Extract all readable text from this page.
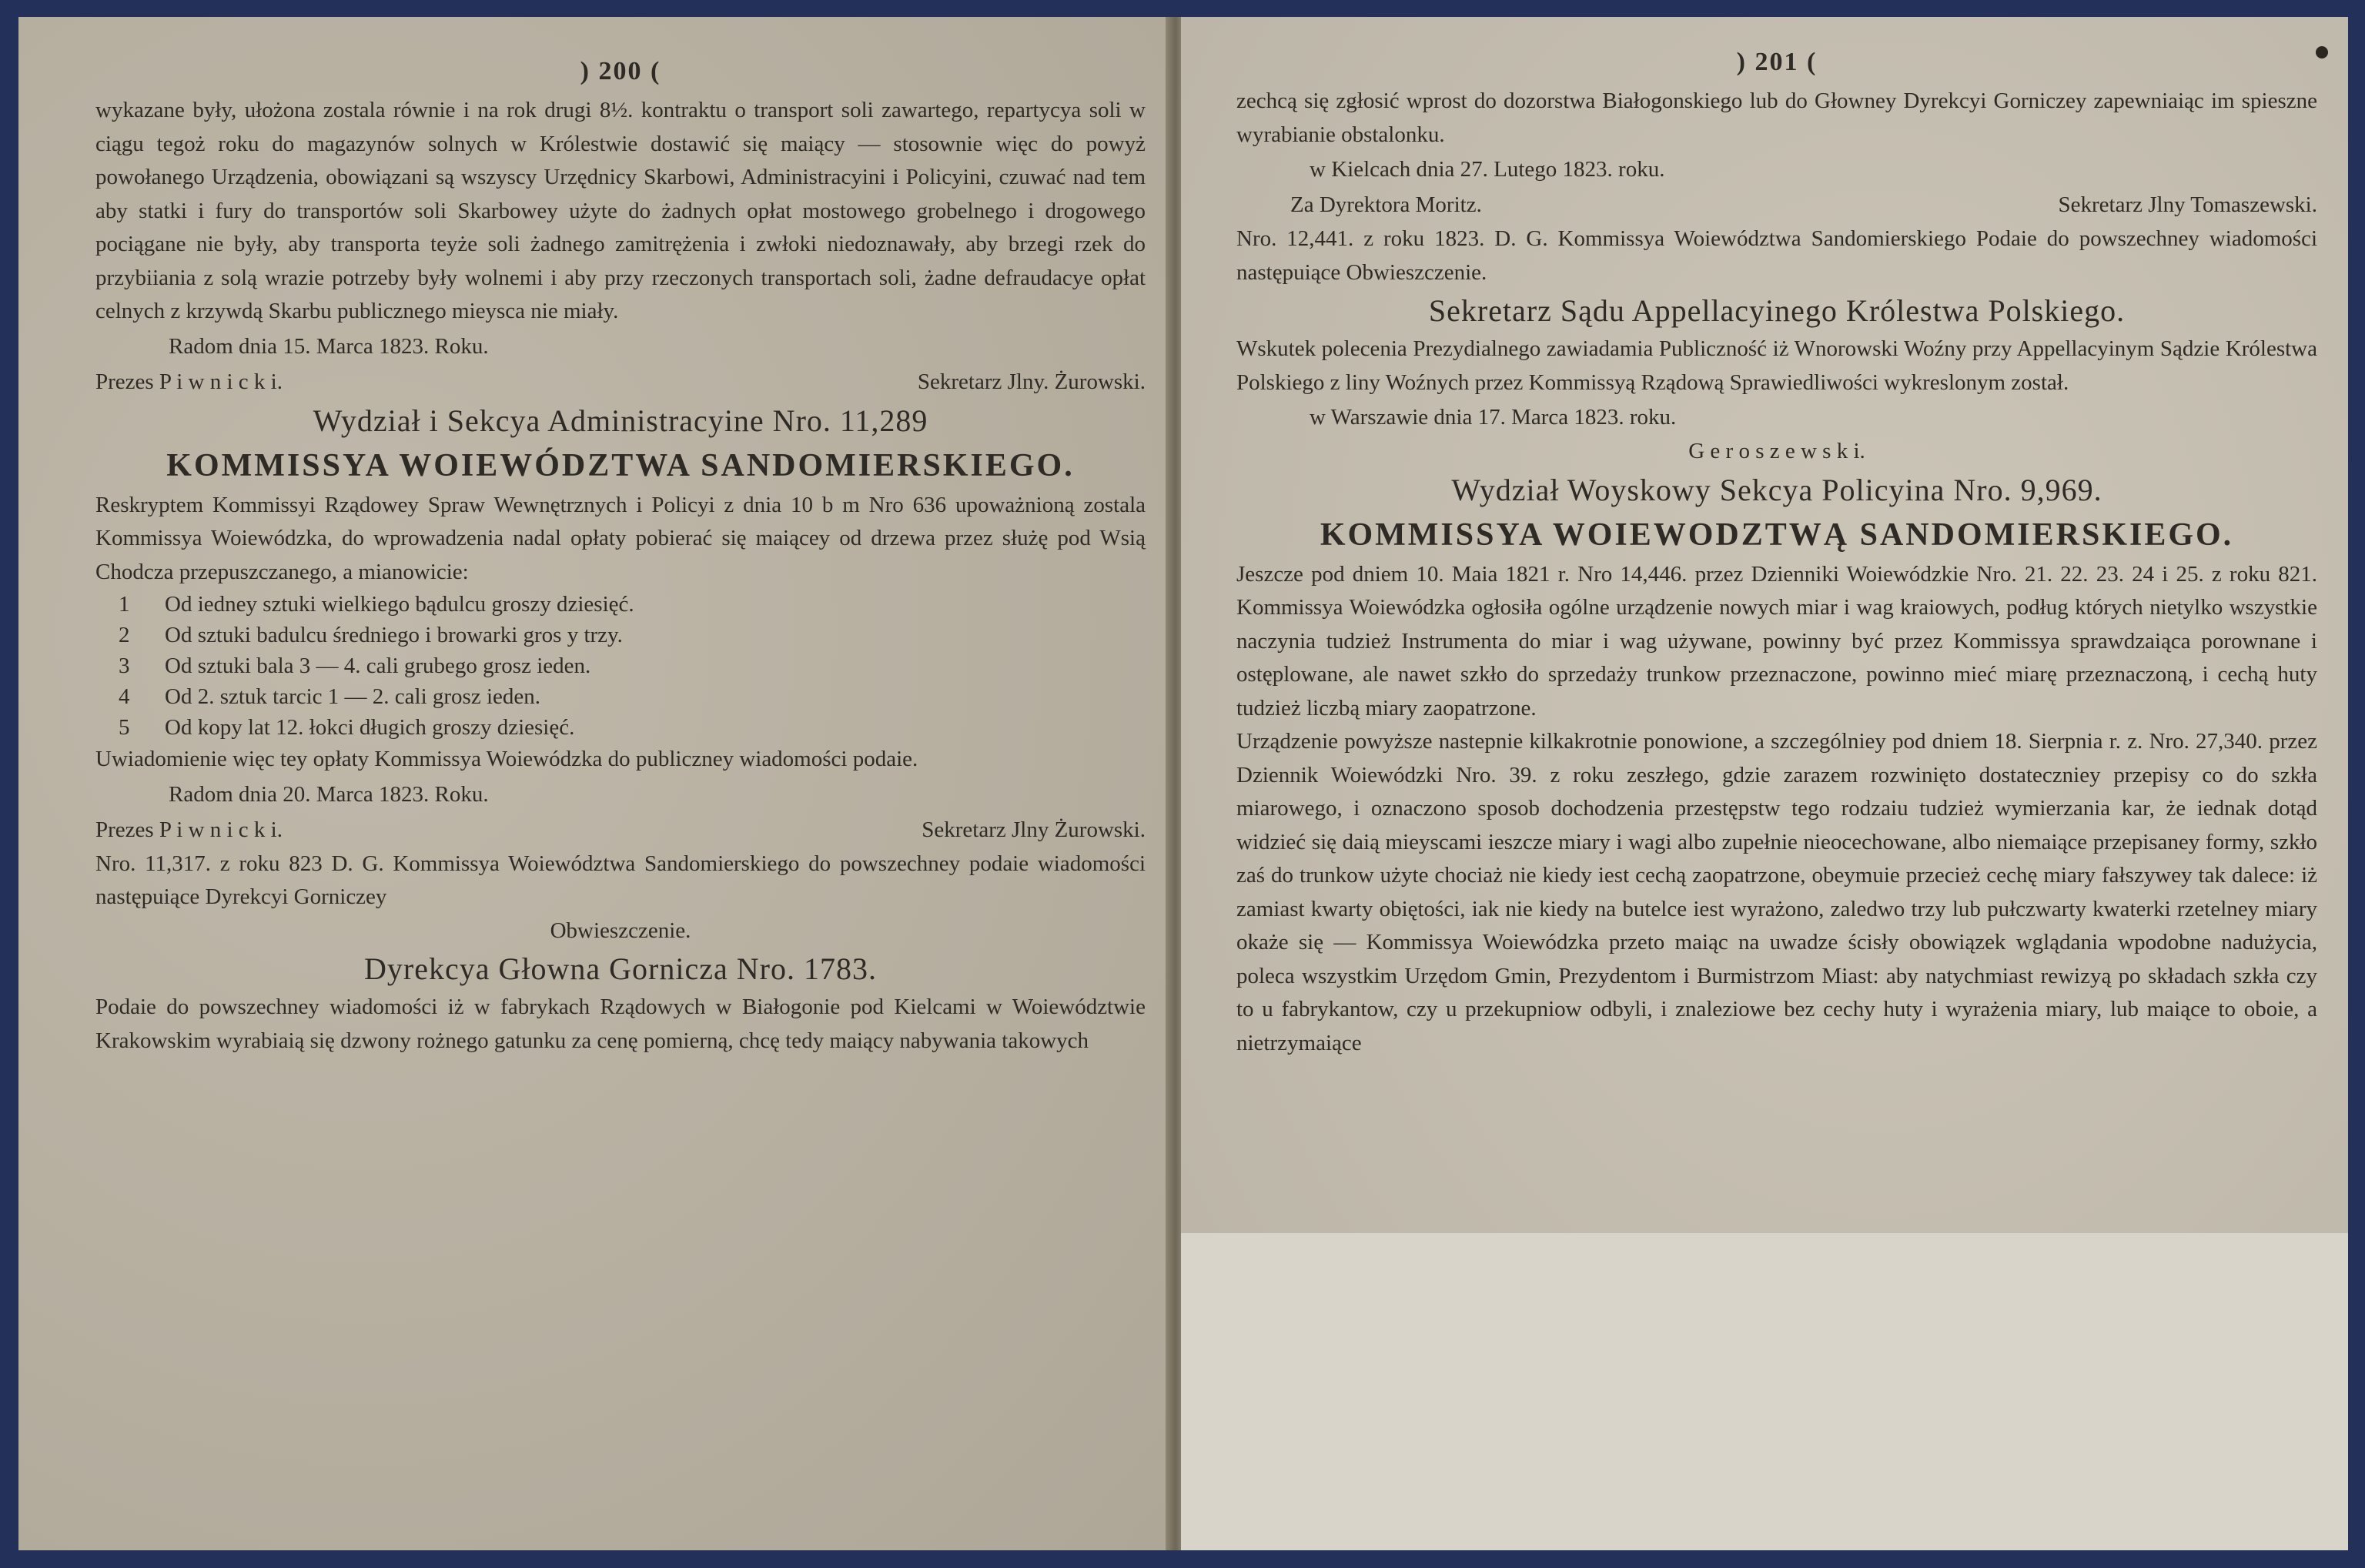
) 200 (

wykazane były, ułożona zostala równie i na rok drugi 8½. kontraktu o transport soli zawartego, repartycya soli w ciągu tegoż roku do magazynów solnych w Królestwie dostawić się maiący — stosownie więc do powyż powołanego Urządzenia, obowiązani są wszyscy Urzędnicy Skarbowi, Administracyini i Policyini, czuwać nad tem aby statki i fury do transportów soli Skarbowey użyte do żadnych opłat mostowego grobelnego i drogowego pociągane nie były, aby transporta teyże soli żadnego zamitrężenia i zwłoki niedoznawały, aby brzegi rzek do przybiiania z solą wrazie potrzeby były wolnemi i aby przy rzeczonych transportach soli, żadne defraudacye opłat celnych z krzywdą Skarbu publicznego mieysca nie miały.

Radom dnia 15. Marca 1823. Roku.
Prezes P i w n i c k i.	Sekretarz Jlny. Żurowski.
Wydział i Sekcya Administracyine Nro. 11,289
KOMMISSYA WOIEWÓDZTWA SANDOMIERSKIEGO.

Reskryptem Kommissyi Rządowey Spraw Wewnętrznych i Policyi z dnia 10 b m Nro 636 upoważnioną zostala Kommissya Woiewódzka, do wprowadzenia nadal opłaty pobierać się maiącey od drzewa przez służę pod Wsią Chodcza przepuszczanego, a mianowicie:

1	Od iedney sztuki wielkiego bądulcu groszy dziesięć.
2	Od sztuki badulcu średniego i browarki gros y trzy.
3	Od sztuki bala 3 — 4. cali grubego grosz ieden.
4	Od 2. sztuk tarcic 1 — 2. cali grosz ieden.
5	Od kopy lat 12. łokci długich groszy dziesięć.

Uwiadomienie więc tey opłaty Kommissya Woiewódzka do publiczney wiadomości podaie.

Radom dnia 20. Marca 1823. Roku.
Prezes P i w n i c k i.	Sekretarz Jlny Żurowski.

Nro. 11,317. z roku 823 D. G. Kommissya Woiewództwa Sandomierskiego do powszechney podaie wiadomości następuiące Dyrekcyi Gorniczey

Obwieszczenie.
Dyrekcya Głowna Gornicza Nro. 1783.

Podaie do powszechney wiadomości iż w fabrykach Rządowych w Białogonie pod Kielcami w Woiewództwie Krakowskim wyrabiaią się dzwony rożnego gatunku za cenę pomierną, chcę tedy maiący nabywania takowych

) 201 (

zechcą się zgłosić wprost do dozorstwa Białogonskiego lub do Głowney Dyrekcyi Gorniczey zapewniaiąc im spieszne wyrabianie obstalonku.

w Kielcach dnia 27. Lutego 1823. roku.
Za Dyrektora Moritz.	Sekretarz Jlny Tomaszewski.

Nro. 12,441. z roku 1823. D. G. Kommissya Woiewództwa Sandomierskiego Podaie do powszechney wiadomości następuiące Obwieszczenie.

Sekretarz Sądu Appellacyinego Królestwa Polskiego.

Wskutek polecenia Prezydialnego zawiadamia Publiczność iż Wnorowski Woźny przy Appellacyinym Sądzie Królestwa Polskiego z liny Woźnych przez Kommissyą Rządową Sprawiedliwości wykreslonym został.

w Warszawie dnia 17. Marca 1823. roku.
G e r o s z e w s k i.
Wydział Woyskowy Sekcya Policyina Nro. 9,969.
KOMMISSYA WOIEWODZTWĄ SANDOMIERSKIEGO.

Jeszcze pod dniem 10. Maia 1821 r. Nro 14,446. przez Dzienniki Woiewódzkie Nro. 21. 22. 23. 24 i 25. z roku 821. Kommissya Woiewódzka ogłosiła ogólne urządzenie nowych miar i wag kraiowych, podług których nietylko wszystkie naczynia tudzież Instrumenta do miar i wag używane, powinny być przez Kommissya sprawdzaiąca porownane i ostęplowane, ale nawet szkło do sprzedaży trunkow przeznaczone, powinno mieć miarę przeznaczoną, i cechą huty tudzież liczbą miary zaopatrzone.

Urządzenie powyższe nastepnie kilkakrotnie ponowione, a szczególniey pod dniem 18. Sierpnia r. z. Nro. 27,340. przez Dziennik Woiewódzki Nro. 39. z roku zeszłego, gdzie zarazem rozwinięto dostateczniey przepisy co do szkła miarowego, i oznaczono sposob dochodzenia przestępstw tego rodzaiu tudzież wymierzania kar, że iednak dotąd widzieć się daią mieyscami ieszcze miary i wagi albo zupełnie nieocechowane, albo niemaiące przepisaney formy, szkło zaś do trunkow użyte chociaż nie kiedy iest cechą zaopatrzone, obeymuie przecież cechę miary fałszywey tak dalece: iż zamiast kwarty obiętości, iak nie kiedy na butelce iest wyrażono, zaledwo trzy lub pułczwarty kwaterki rzetelney miary okaże się — Kommissya Woiewódzka przeto maiąc na uwadze ścisły obowiązek wglądania wpodobne nadużycia, poleca wszystkim Urzędom Gmin, Prezydentom i Burmistrzom Miast: aby natychmiast rewizyą po składach szkła czy to u fabrykantow, czy u przekupniow odbyli, i znaleziowe bez cechy huty i wyrażenia miary, lub maiące to oboie, a nietrzymaiące
